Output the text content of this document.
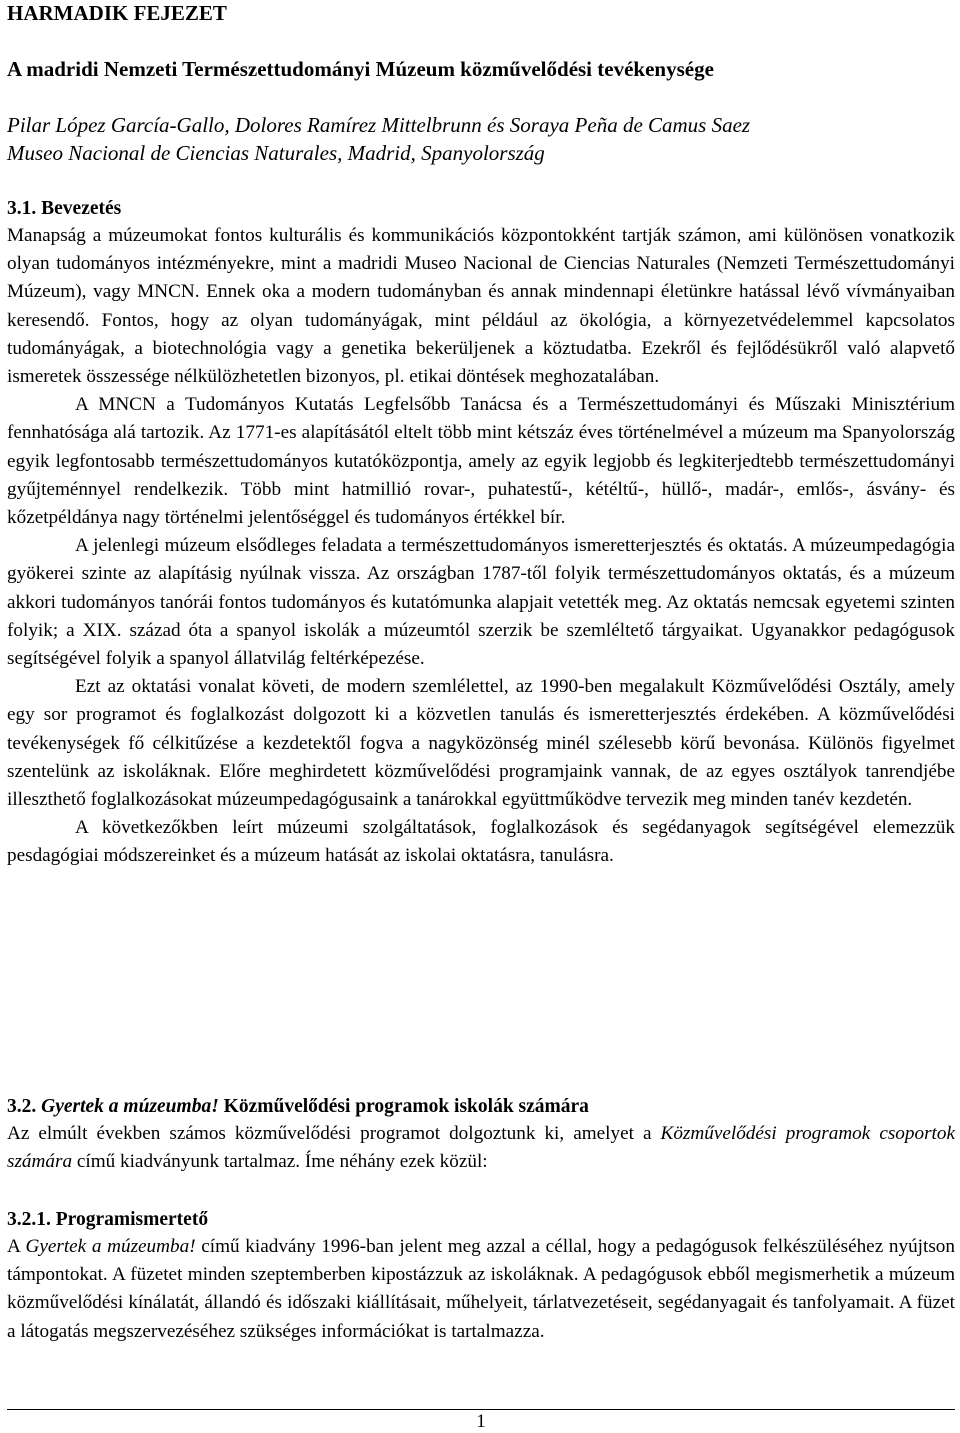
HARMADIK FEJEZET
A madridi Nemzeti Természettudományi Múzeum közművelődési tevékenysége
Pilar López García-Gallo, Dolores Ramírez Mittelbrunn és Soraya Peña de Camus Saez
Museo Nacional de Ciencias Naturales, Madrid, Spanyolország
3.1. Bevezetés

Manapság a múzeumokat fontos kulturális és kommunikációs központokként tartják számon, ami különösen vonatkozik olyan tudományos intézményekre, mint a madridi Museo Nacional de Ciencias Naturales (Nemzeti Természettudományi Múzeum), vagy MNCN. Ennek oka a modern tudományban és annak mindennapi életünkre hatással lévő vívmányaiban keresendő. Fontos, hogy az olyan tudományágak, mint például az ökológia, a környezetvédelemmel kapcsolatos tudományágak, a biotechnológia vagy a genetika bekerüljenek a köztudatba. Ezekről és fejlődésükről való alapvető ismeretek összessége nélkülözhetetlen bizonyos, pl. etikai döntések meghozatalában.

A MNCN a Tudományos Kutatás Legfelsőbb Tanácsa és a Természettudományi és Műszaki Minisztérium fennhatósága alá tartozik. Az 1771-es alapításától eltelt több mint kétszáz éves történelmével a múzeum ma Spanyolország egyik legfontosabb természettudományos kutatóközpontja, amely az egyik legjobb és legkiterjedtebb természettudományi gyűjteménnyel rendelkezik. Több mint hatmillió rovar-, puhatestű-, kétéltű-, hüllő-, madár-, emlős-, ásvány- és kőzetpéldánya nagy történelmi jelentőséggel és tudományos értékkel bír.

A jelenlegi múzeum elsődleges feladata a természettudományos ismeretterjesztés és oktatás. A múzeumpedagógia gyökerei szinte az alapításig nyúlnak vissza. Az országban 1787-től folyik természettudományos oktatás, és a múzeum akkori tudományos tanórái fontos tudományos és kutatómunka alapjait vetették meg. Az oktatás nemcsak egyetemi szinten folyik; a XIX. század óta a spanyol iskolák a múzeumtól szerzik be szemléltető tárgyaikat. Ugyanakkor pedagógusok segítségével folyik a spanyol állatvilág feltérképezése.

Ezt az oktatási vonalat követi, de modern szemlélettel, az 1990-ben megalakult Közművelődési Osztály, amely egy sor programot és foglalkozást dolgozott ki a közvetlen tanulás és ismeretterjesztés érdekében. A közművelődési tevékenységek fő célkitűzése a kezdetektől fogva a nagyközönség minél szélesebb körű bevonása. Különös figyelmet szentelünk az iskoláknak. Előre meghirdetett közművelődési programjaink vannak, de az egyes osztályok tanrendjébe illeszthető foglalkozásokat múzeumpedagógusaink a tanárokkal együttműködve tervezik meg minden tanév kezdetén.

A következőkben leírt múzeumi szolgáltatások, foglalkozások és segédanyagok segítségével elemezzük pesdagógiai módszereinket és a múzeum hatását az iskolai oktatásra, tanulásra.

3.2. Gyertek a múzeumba! Közművelődési programok iskolák számára

Az elmúlt években számos közművelődési programot dolgoztunk ki, amelyet a Közművelődési programok csoportok számára című kiadványunk tartalmaz. Íme néhány ezek közül:

3.2.1. Programismertető

A Gyertek a múzeumba! című kiadvány 1996-ban jelent meg azzal a céllal, hogy a pedagógusok felkészüléséhez nyújtson támpontokat. A füzetet minden szeptemberben kipostázzuk az iskoláknak. A pedagógusok ebből megismerhetik a múzeum közművelődési kínálatát, állandó és időszaki kiállításait, műhelyeit, tárlatvezetéseit, segédanyagait és tanfolyamait. A füzet a látogatás megszervezéséhez szükséges információkat is tartalmazza.

1
